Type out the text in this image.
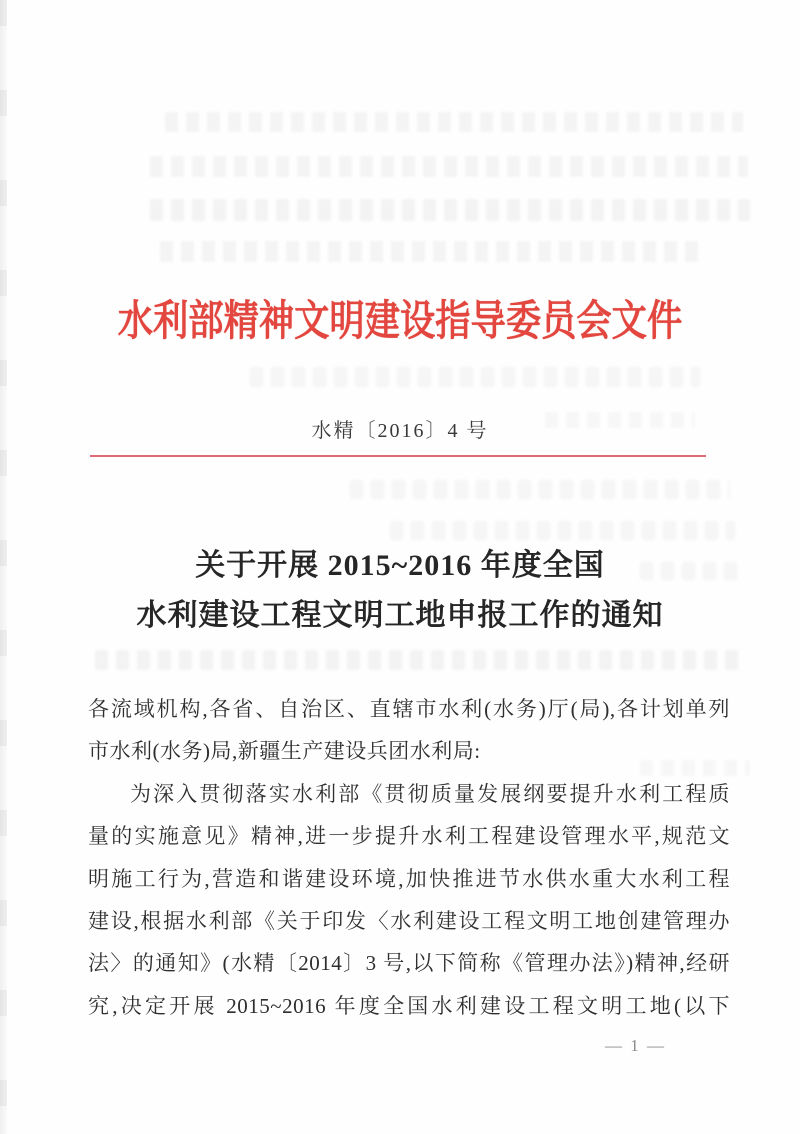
水利部精神文明建设指导委员会文件
水精〔2016〕4 号
关于开展 2015~2016 年度全国
水利建设工程文明工地申报工作的通知
各流域机构,各省、自治区、直辖市水利(水务)厅(局),各计划单列
市水利(水务)局,新疆生产建设兵团水利局:
为深入贯彻落实水利部《贯彻质量发展纲要提升水利工程质
量的实施意见》精神,进一步提升水利工程建设管理水平,规范文
明施工行为,营造和谐建设环境,加快推进节水供水重大水利工程
建设,根据水利部《关于印发〈水利建设工程文明工地创建管理办
法〉的通知》(水精〔2014〕3 号,以下简称《管理办法》)精神,经研
究,决定开展 2015~2016 年度全国水利建设工程文明工地(以下
— 1 —
